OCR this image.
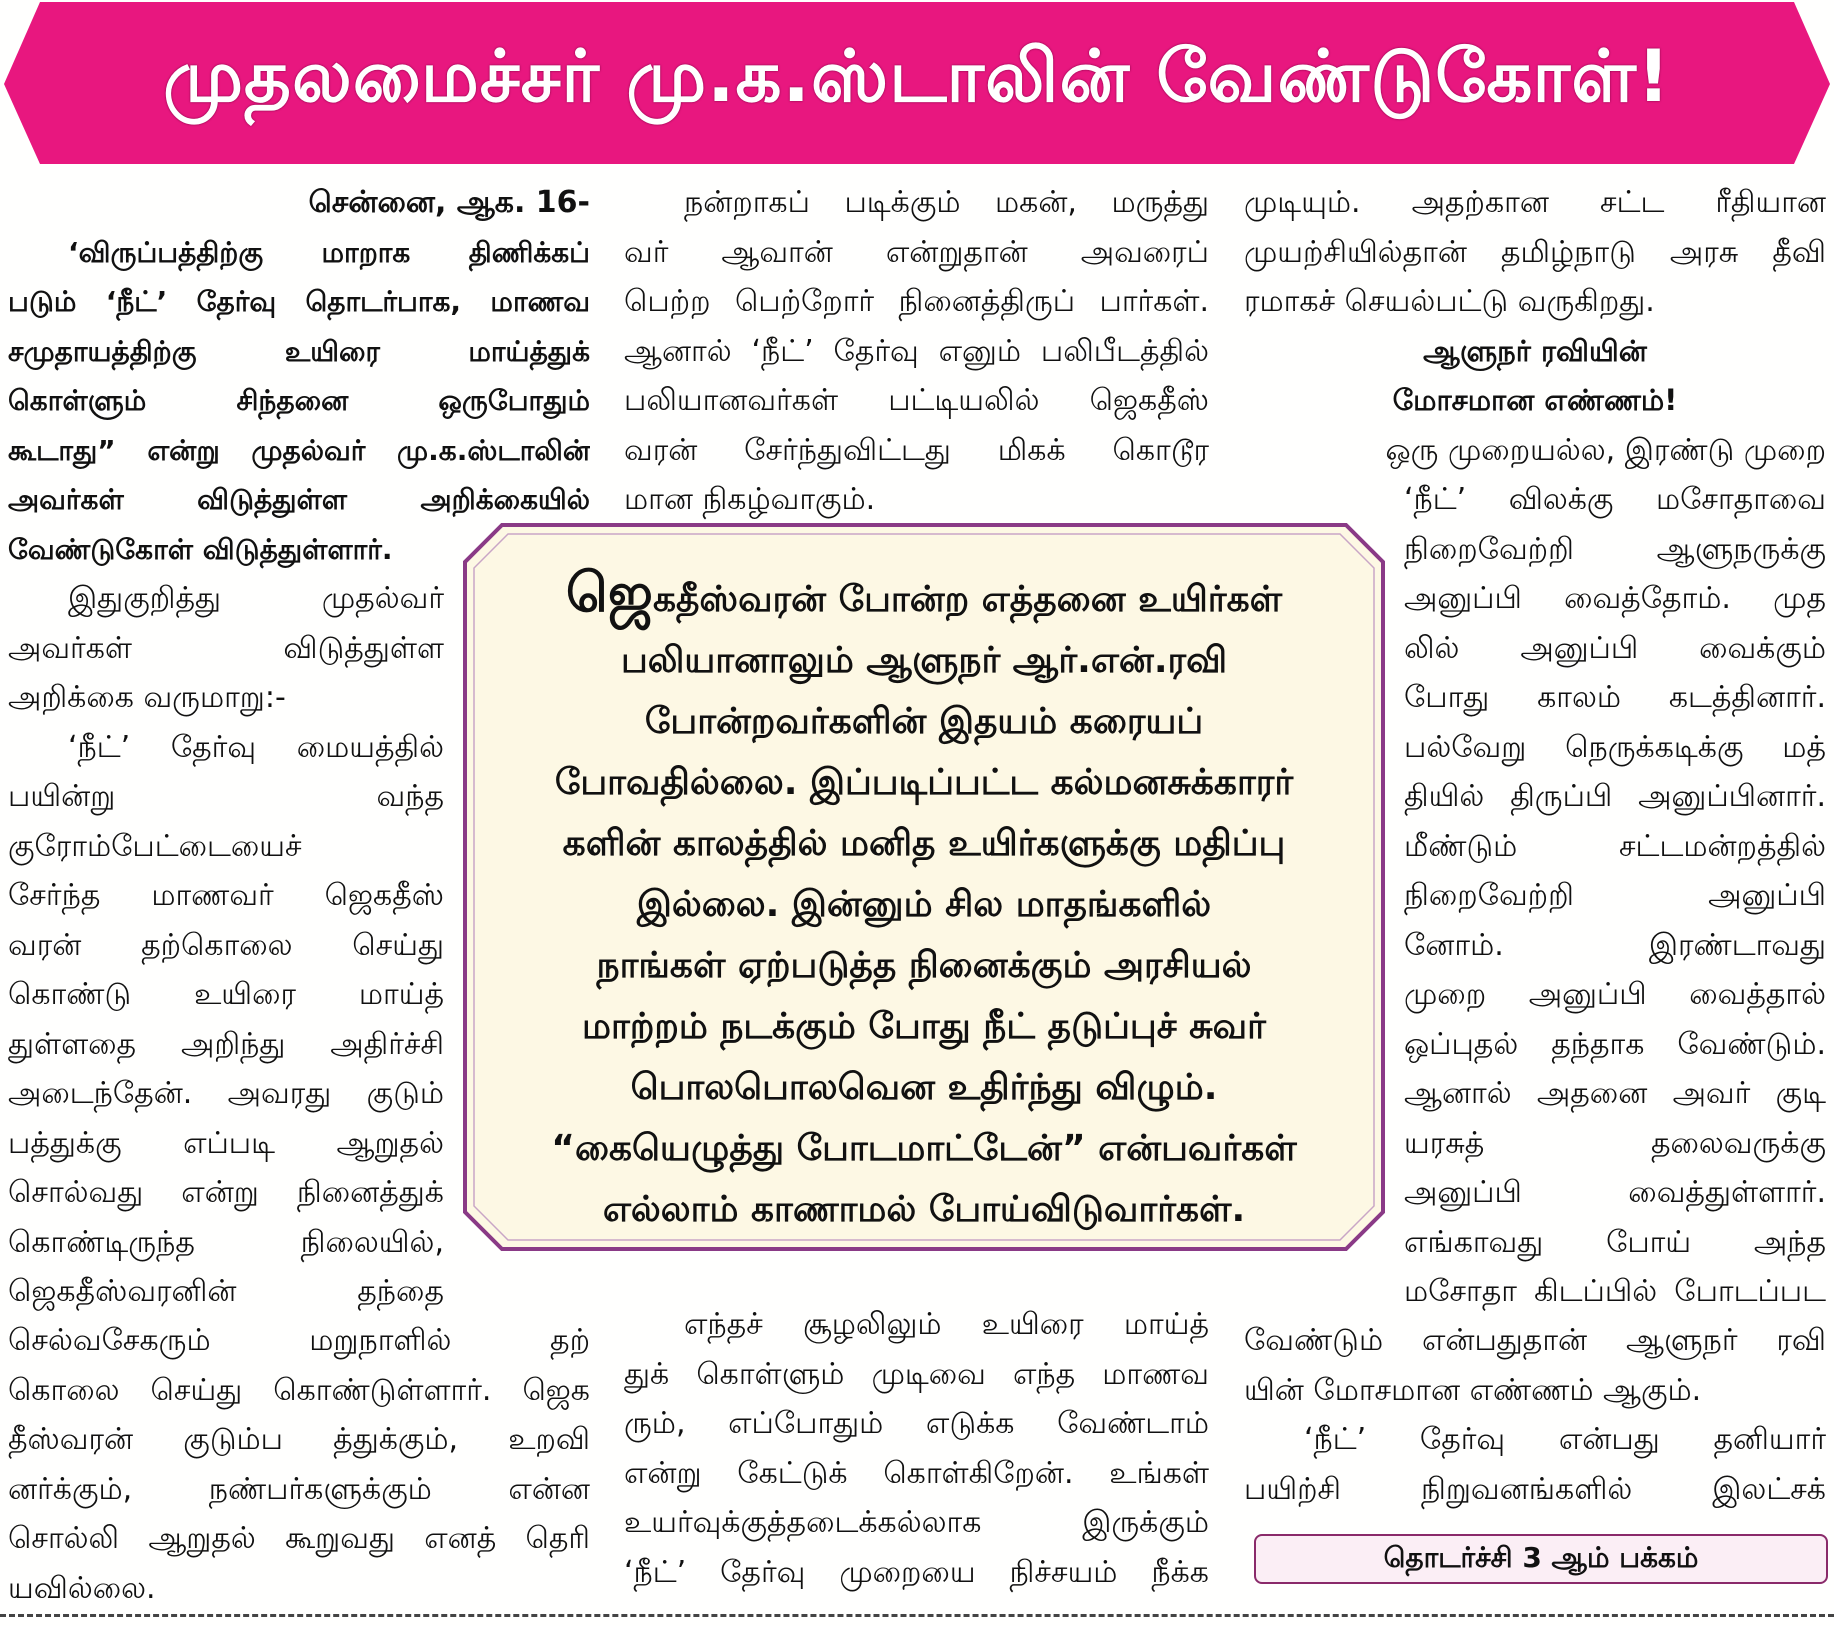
முதலமைச்சர் மு.க.ஸ்டாலின் வேண்டுகோள்!

சென்னை, ஆக. 16-

‘விருப்பத்திற்கு மாறாக திணிக்கப்

படும் ‘நீட்’ தேர்வு தொடர்பாக, மாணவ

சமுதாயத்திற்கு உயிரை மாய்த்துக்

கொள்ளும் சிந்தனை ஒருபோதும்

கூடாது” என்று முதல்வர் மு.க.ஸ்டாலின்

அவர்கள் விடுத்துள்ள அறிக்கையில்

வேண்டுகோள் விடுத்துள்ளார்.

இதுகுறித்து முதல்வர்

அவர்கள் விடுத்துள்ள

அறிக்கை வருமாறு:-

‘நீட்’ தேர்வு மையத்தில்

பயின்று வந்த

குரோம்பேட்டையைச்

சேர்ந்த மாணவர் ஜெகதீஸ்

வரன் தற்கொலை செய்து

கொண்டு உயிரை மாய்த்

துள்ளதை அறிந்து அதிர்ச்சி

அடைந்தேன். அவரது குடும்

பத்துக்கு எப்படி ஆறுதல்

சொல்வது என்று நினைத்துக்

கொண்டிருந்த நிலையில்,

ஜெகதீஸ்வரனின் தந்தை

செல்வசேகரும் மறுநாளில் தற்

கொலை செய்து கொண்டுள்ளார். ஜெக

தீஸ்வரன் குடும்ப த்துக்கும், உறவி

னர்க்கும், நண்பர்களுக்கும் என்ன

சொல்லி ஆறுதல் கூறுவது எனத் தெரி

யவில்லை.

நன்றாகப் படிக்கும் மகன், மருத்து

வர் ஆவான் என்றுதான் அவரைப்

பெற்ற பெற்றோர் நினைத்திருப் பார்கள்.

ஆனால் ‘நீட்’ தேர்வு எனும் பலிபீடத்தில்

பலியானவர்கள் பட்டியலில் ஜெகதீஸ்

வரன் சேர்ந்துவிட்டது மிகக் கொடூர

மான நிகழ்வாகும்.

எந்தச் சூழலிலும் உயிரை மாய்த்

துக் கொள்ளும் முடிவை எந்த மாணவ

ரும், எப்போதும் எடுக்க வேண்டாம்

என்று கேட்டுக் கொள்கிறேன். உங்கள்

உயர்வுக்குத்தடைக்கல்லாக இருக்கும்

‘நீட்’ தேர்வு முறையை நிச்சயம் நீக்க

முடியும். அதற்கான சட்ட ரீதியான

முயற்சியில்தான் தமிழ்நாடு அரசு தீவி

ரமாகச் செயல்பட்டு வருகிறது.

ஆளுநர் ரவியின்

மோசமான எண்ணம்!

ஒரு முறையல்ல, இரண்டு முறை

‘நீட்’ விலக்கு மசோதாவை

நிறைவேற்றி ஆளுநருக்கு

அனுப்பி வைத்தோம். முத

லில் அனுப்பி வைக்கும்

போது காலம் கடத்தினார்.

பல்வேறு நெருக்கடிக்கு மத்

தியில் திருப்பி அனுப்பினார்.

மீண்டும் சட்டமன்றத்தில்

நிறைவேற்றி அனுப்பி

னோம். இரண்டாவது

முறை அனுப்பி வைத்தால்

ஒப்புதல் தந்தாக வேண்டும்.

ஆனால் அதனை அவர் குடி

யரசுத் தலைவருக்கு

அனுப்பி வைத்துள்ளார்.

எங்காவது போய் அந்த

மசோதா கிடப்பில் போடப்பட

வேண்டும் என்பதுதான் ஆளுநர் ரவி

யின் மோசமான எண்ணம் ஆகும்.

‘நீட்’ தேர்வு என்பது தனியார்

பயிற்சி நிறுவனங்களில் இலட்சக்

ஜெகதீஸ்வரன் போன்ற எத்தனை உயிர்கள்

பலியானாலும் ஆளுநர் ஆர்.என்.ரவி

போன்றவர்களின் இதயம் கரையப்

போவதில்லை. இப்படிப்பட்ட கல்மனசுக்காரர்

களின் காலத்தில் மனித உயிர்களுக்கு மதிப்பு

இல்லை. இன்னும் சில மாதங்களில்

நாங்கள் ஏற்படுத்த நினைக்கும் அரசியல்

மாற்றம் நடக்கும் போது நீட் தடுப்புச் சுவர்

பொலபொலவென உதிர்ந்து விழும்.

“கையெழுத்து போடமாட்டேன்” என்பவர்கள்

எல்லாம் காணாமல் போய்விடுவார்கள்.

தொடர்ச்சி 3 ஆம் பக்கம்
